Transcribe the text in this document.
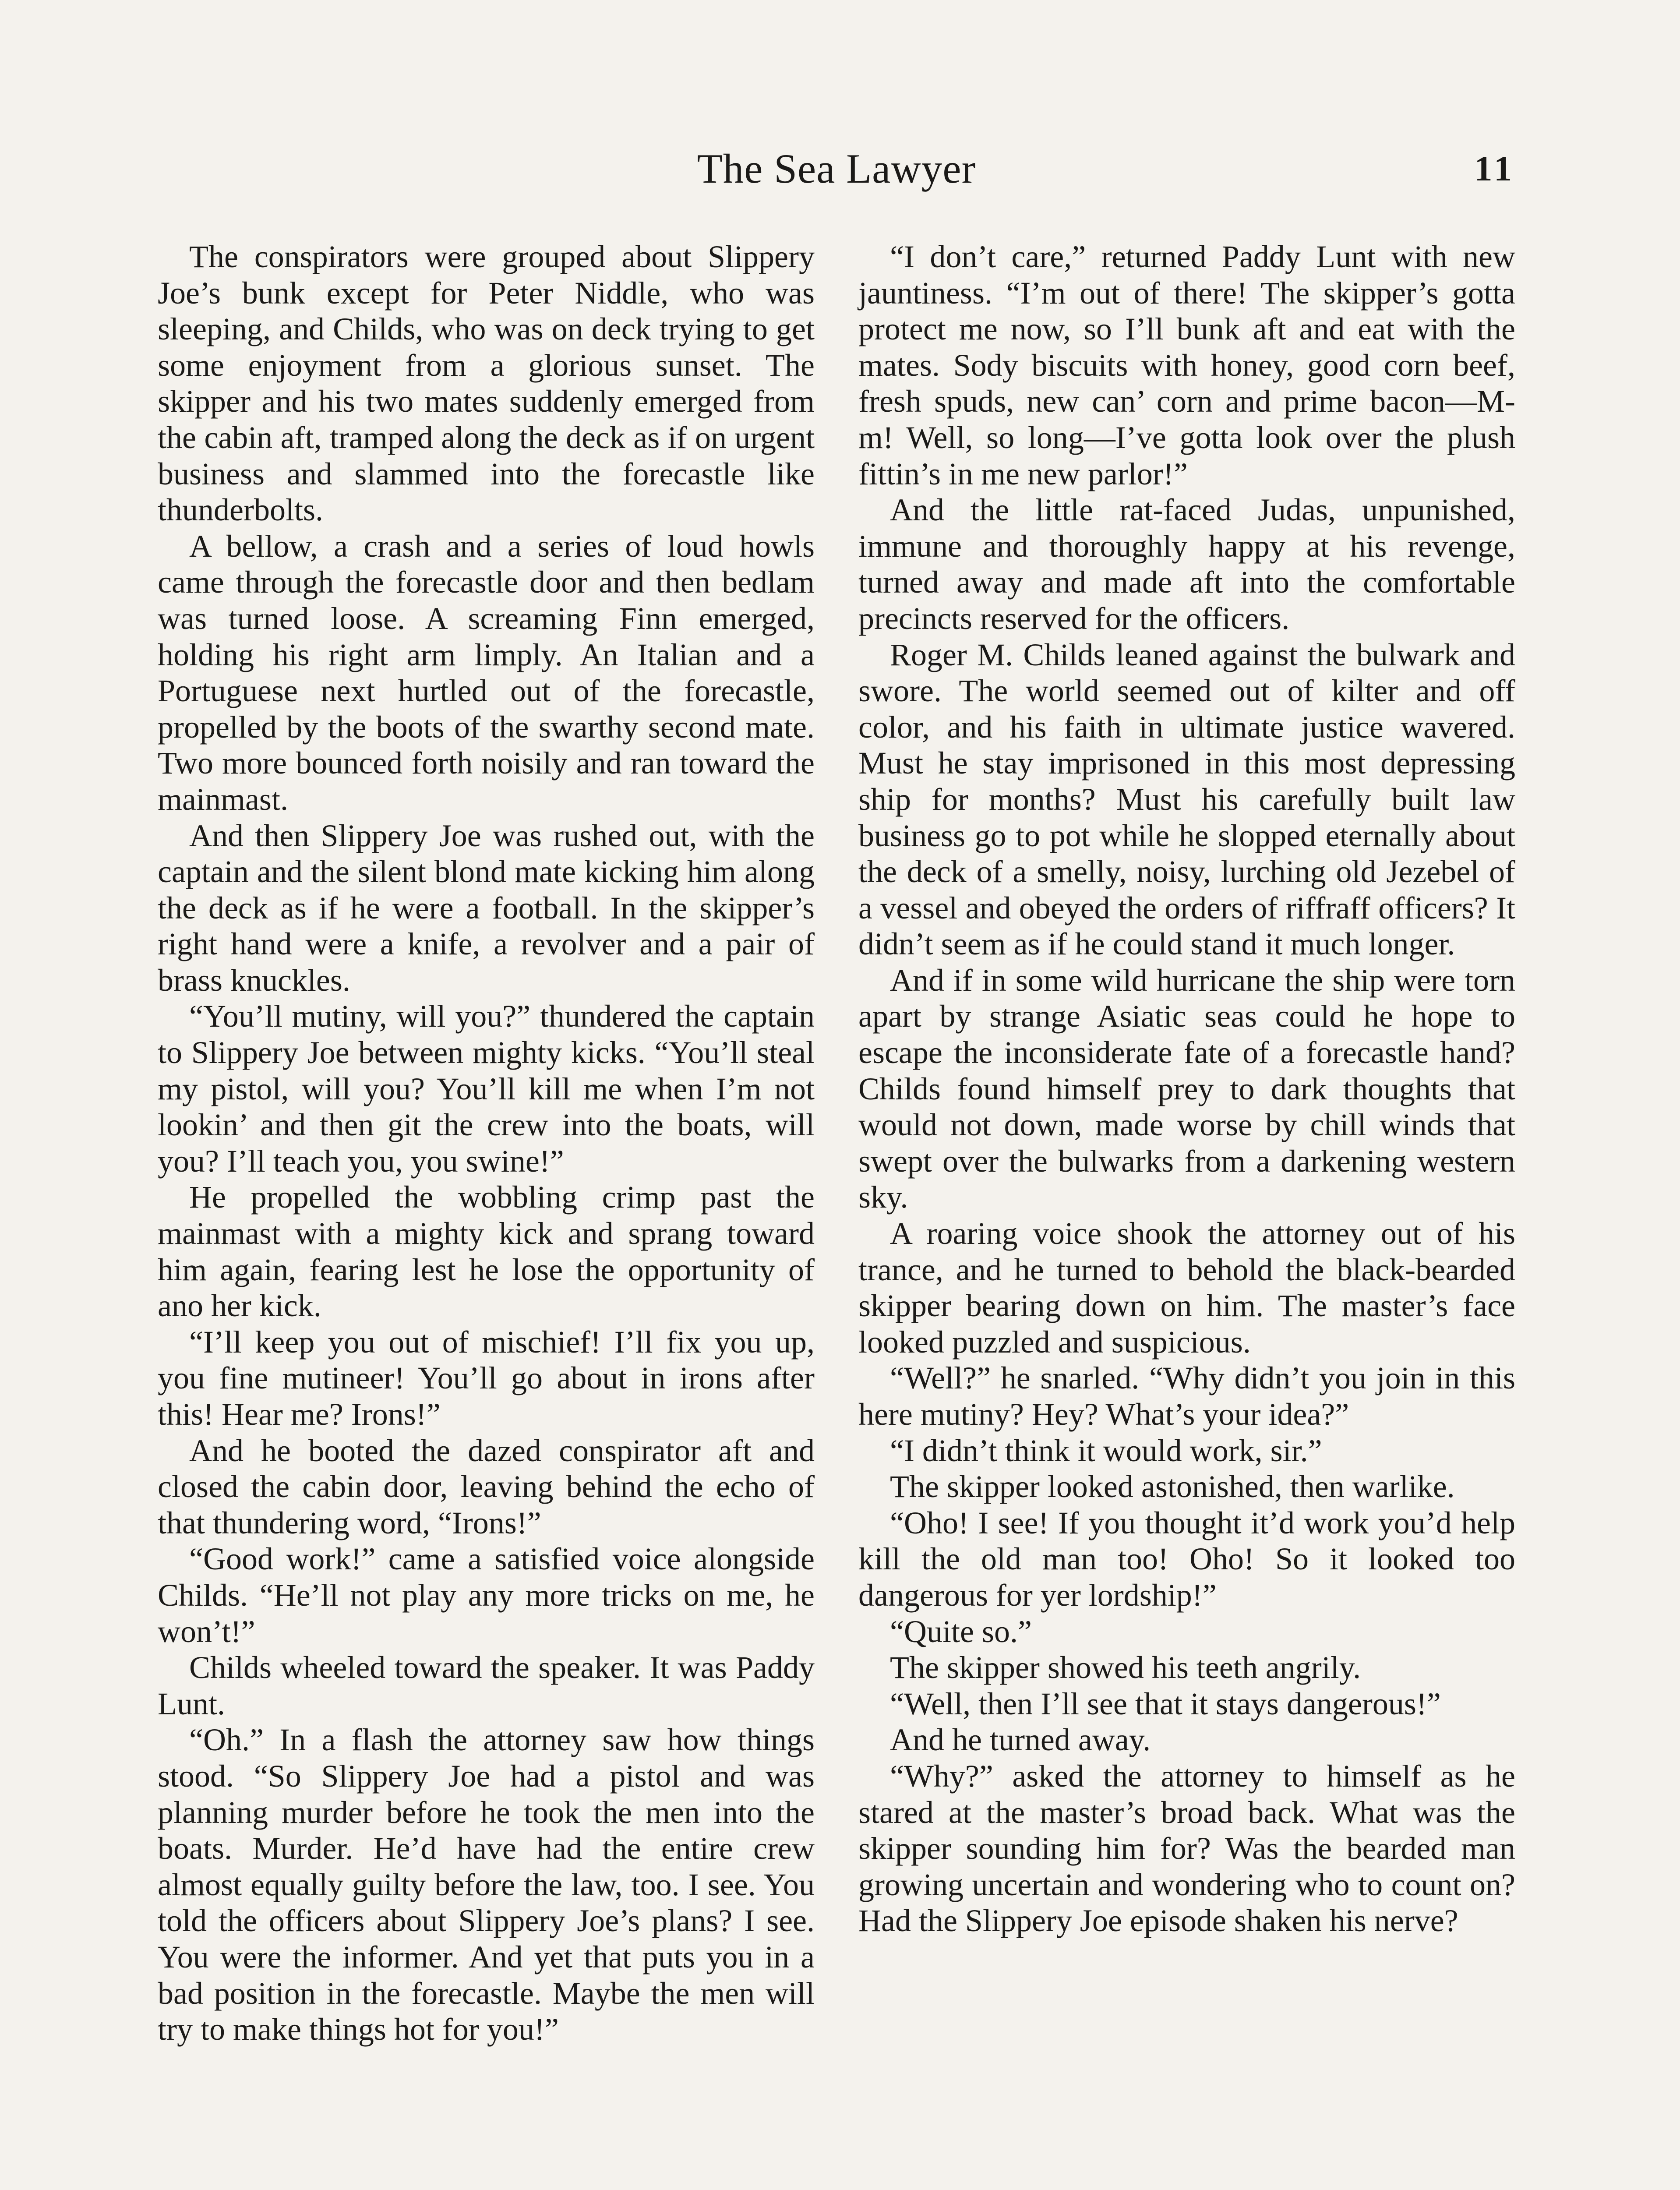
The Sea Lawyer	11

The conspirators were grouped about Slippery Joe’s bunk except for Peter Niddle, who was sleeping, and Childs, who was on deck trying to get some enjoyment from a glorious sunset. The skipper and his two mates suddenly emerged from the cabin aft, tramped along the deck as if on urgent business and slammed into the forecastle like thunderbolts.

A bellow, a crash and a series of loud howls came through the forecastle door and then bedlam was turned loose. A screaming Finn emerged, holding his right arm limply. An Italian and a Portuguese next hurtled out of the forecastle, propelled by the boots of the swarthy second mate. Two more bounced forth noisily and ran toward the mainmast.

And then Slippery Joe was rushed out, with the captain and the silent blond mate kicking him along the deck as if he were a football. In the skipper’s right hand were a knife, a revolver and a pair of brass knuckles.

“You’ll mutiny, will you?” thundered the captain to Slippery Joe between mighty kicks. “You’ll steal my pistol, will you? You’ll kill me when I’m not lookin’ and then git the crew into the boats, will you? I’ll teach you, you swine!”

He propelled the wobbling crimp past the mainmast with a mighty kick and sprang toward him again, fearing lest he lose the opportunity of ano her kick.

“I’ll keep you out of mischief! I’ll fix you up, you fine mutineer! You’ll go about in irons after this! Hear me? Irons!”

And he booted the dazed conspirator aft and closed the cabin door, leaving behind the echo of that thundering word, “Irons!”

“Good work!” came a satisfied voice alongside Childs. “He’ll not play any more tricks on me, he won’t!”

Childs wheeled toward the speaker. It was Paddy Lunt.

“Oh.” In a flash the attorney saw how things stood. “So Slippery Joe had a pistol and was planning murder before he took the men into the boats. Murder. He’d have had the entire crew almost equally guilty before the law, too. I see. You told the officers about Slippery Joe’s plans? I see. You were the informer. And yet that puts you in a bad position in the forecastle. Maybe the men will try to make things hot for you!”

“I don’t care,” returned Paddy Lunt with new jauntiness. “I’m out of there! The skipper’s gotta protect me now, so I’ll bunk aft and eat with the mates. Sody biscuits with honey, good corn beef, fresh spuds, new can’ corn and prime bacon—M-m! Well, so long—I’ve gotta look over the plush fittin’s in me new parlor!”

And the little rat-faced Judas, unpunished, immune and thoroughly happy at his revenge, turned away and made aft into the comfortable precincts reserved for the officers.

Roger M. Childs leaned against the bulwark and swore. The world seemed out of kilter and off color, and his faith in ultimate justice wavered. Must he stay imprisoned in this most depressing ship for months? Must his carefully built law business go to pot while he slopped eternally about the deck of a smelly, noisy, lurching old Jezebel of a vessel and obeyed the orders of riffraff officers? It didn’t seem as if he could stand it much longer.

And if in some wild hurricane the ship were torn apart by strange Asiatic seas could he hope to escape the inconsiderate fate of a forecastle hand? Childs found himself prey to dark thoughts that would not down, made worse by chill winds that swept over the bulwarks from a darkening western sky.

A roaring voice shook the attorney out of his trance, and he turned to behold the black-bearded skipper bearing down on him. The master’s face looked puzzled and suspicious.

“Well?” he snarled. “Why didn’t you join in this here mutiny? Hey? What’s your idea?”

“I didn’t think it would work, sir.”

The skipper looked astonished, then warlike.

“Oho! I see! If you thought it’d work you’d help kill the old man too! Oho! So it looked too dangerous for yer lordship!”

“Quite so.”

The skipper showed his teeth angrily.

“Well, then I’ll see that it stays dangerous!”

And he turned away.

“Why?” asked the attorney to himself as he stared at the master’s broad back. What was the skipper sounding him for? Was the bearded man growing uncertain and wondering who to count on? Had the Slippery Joe episode shaken his nerve?
